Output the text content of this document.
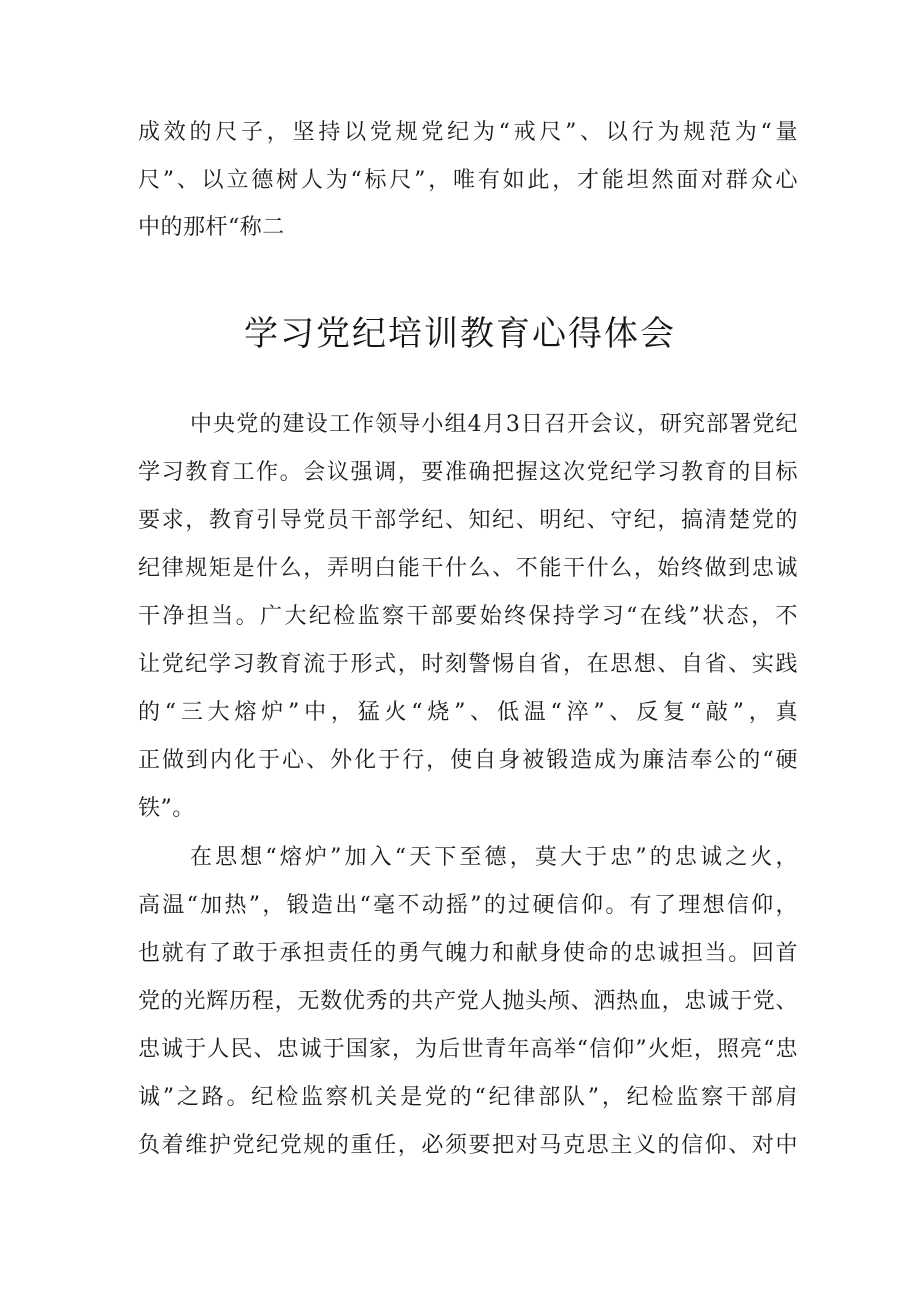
成效的尺子，坚持以党规党纪为“戒尺”、以行为规范为“量
尺”、以立德树人为“标尺”，唯有如此，才能坦然面对群众心
中的那杆“称二
学习党纪培训教育心得体会
中央党的建设工作领导小组4月3日召开会议，研究部署党纪
学习教育工作。会议强调，要准确把握这次党纪学习教育的目标
要求，教育引导党员干部学纪、知纪、明纪、守纪，搞清楚党的
纪律规矩是什么，弄明白能干什么、不能干什么，始终做到忠诚
干净担当。广大纪检监察干部要始终保持学习“在线”状态，不
让党纪学习教育流于形式，时刻警惕自省，在思想、自省、实践
的“三大熔炉”中，猛火“烧”、低温“淬”、反复“敲”，真
正做到内化于心、外化于行，使自身被锻造成为廉洁奉公的“硬
铁”。
在思想“熔炉”加入“天下至德，莫大于忠”的忠诚之火，
高温“加热”，锻造出“毫不动摇”的过硬信仰。有了理想信仰，
也就有了敢于承担责任的勇气魄力和献身使命的忠诚担当。回首
党的光辉历程，无数优秀的共产党人抛头颅、洒热血，忠诚于党、
忠诚于人民、忠诚于国家，为后世青年高举“信仰”火炬，照亮“忠
诚”之路。纪检监察机关是党的“纪律部队”，纪检监察干部肩
负着维护党纪党规的重任，必须要把对马克思主义的信仰、对中
